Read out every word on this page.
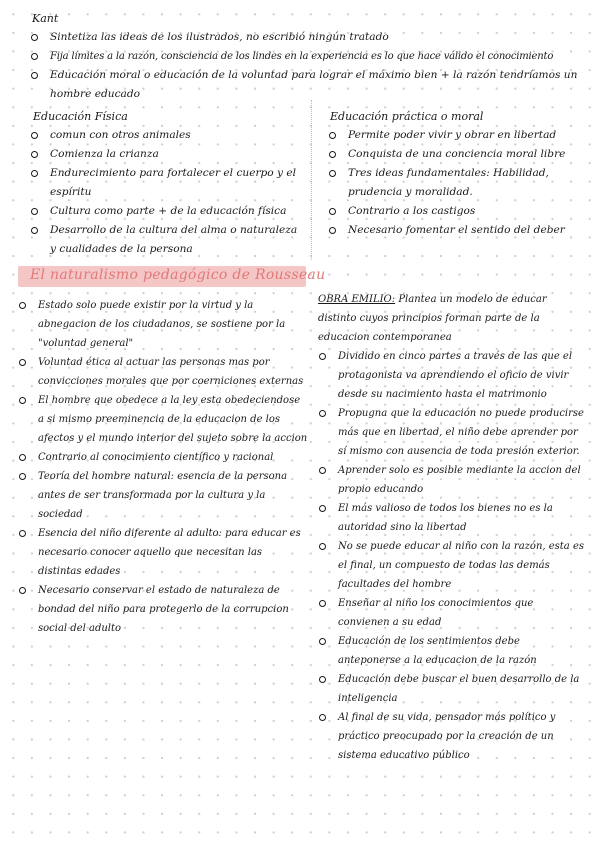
Kant
Sintetiza las ideas de los ilustrados, no escribió ningún tratado
Fija límites a la razón, consciencia de los lindes en la experiencia es lo que hace válido el conocimiento
Educación moral o educación de la voluntad para lograr el máximo bien + la razón tendríamos un hombre educado
Educación Física
comun con otros animales
Comienza la crianza
Endurecimiento para fortalecer el cuerpo y el espíritu
Cultura como parte + de la educación física
Desarrollo de la cultura del alma o naturaleza y cualidades de la persona
Educación práctica o moral
Permite poder vivir y obrar en libertad
Conquista de una conciencia moral libre
Tres ideas fundamentales: Habilidad, prudencia y moralidad.
Contrario a los castigos
Necesario fomentar el sentido del deber
El naturalismo pedagógico de Rousseau
Estado solo puede existir por la virtud y la abnegacion de los ciudadanos, se sostiene por la "voluntad general"
Voluntad ética al actuar las personas mas por convicciones morales que por coerniciones externas
El hombre que obedece a la ley esta obedeciendose a si mismo preeminencia de la educacion de los afectos y el mundo interior del sujeto sobre la accion
Contrario al conocimiento científico y racional
Teoría del hombre natural: esencia de la persona antes de ser transformada por la cultura y la sociedad
Esencia del niño diferente al adulto: para educar es necesario conocer aquello que necesitan las distintas edades
Necesario conservar el estado de naturaleza de bondad del niño para protegerlo de la corrupcion social del adulto
OBRA EMILIO: Plantea un modelo de educar distinto cuyos principios forman parte de la educacion contemporanea
Dividido en cinco partes a través de las que el protagonista va aprendiendo el oficio de vivir desde su nacimiento hasta el matrimonio
Propugna que la educación no puede producirse más que en libertad, el niño debe aprender por sí mismo con ausencia de toda presión exterior.
Aprender solo es posible mediante la accion del propio educando
El más valioso de todos los bienes no es la autoridad sino la libertad
No se puede educar al niño con la razón, esta es el final, un compuesto de todas las demás facultades del hombre
Enseñar al niño los conocimientos que convienen a su edad
Educación de los sentimientos debe anteponerse a la educacion de la razón
Educación debe buscar el buen desarrollo de la inteligencia
Al final de su vida, pensador más político y práctico preocupado por la creación de un sistema educativo público
